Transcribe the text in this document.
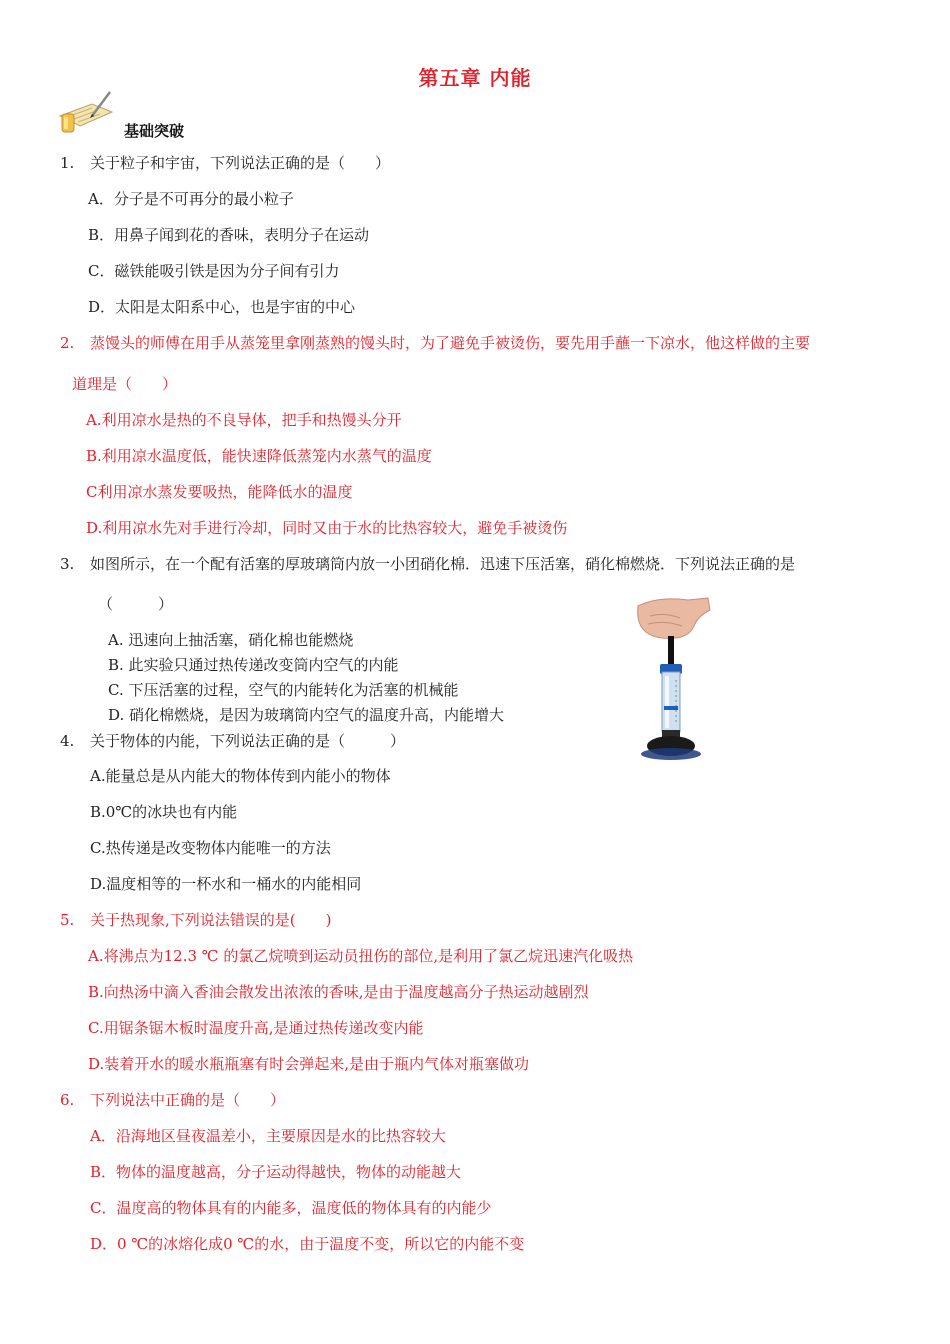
第五章 内能
基础突破
1. 关于粒子和宇宙，下列说法正确的是（　　）
A．分子是不可再分的最小粒子
B．用鼻子闻到花的香味，表明分子在运动
C．磁铁能吸引铁是因为分子间有引力
D．太阳是太阳系中心，也是宇宙的中心
2. 蒸馒头的师傅在用手从蒸笼里拿刚蒸熟的馒头时，为了避免手被烫伤，要先用手蘸一下凉水，他这样做的主要
道理是（　　）
A.利用凉水是热的不良导体，把手和热馒头分开
B.利用凉水温度低，能快速降低蒸笼内水蒸气的温度
C利用凉水蒸发要吸热，能降低水的温度
D.利用凉水先对手进行冷却，同时又由于水的比热容较大，避免手被烫伤
3. 如图所示，在一个配有活塞的厚玻璃筒内放一小团硝化棉．迅速下压活塞，硝化棉燃烧．下列说法正确的是
（　　　）
A. 迅速向上抽活塞，硝化棉也能燃烧
B. 此实验只通过热传递改变筒内空气的内能
C. 下压活塞的过程，空气的内能转化为活塞的机械能
D. 硝化棉燃烧，是因为玻璃筒内空气的温度升高，内能增大
4. 关于物体的内能，下列说法正确的是（　　　）
A.能量总是从内能大的物体传到内能小的物体
B.0℃的冰块也有内能
C.热传递是改变物体内能唯一的方法
D.温度相等的一杯水和一桶水的内能相同
5. 关于热现象,下列说法错误的是(　　)
A.将沸点为12.3 ℃ 的氯乙烷喷到运动员扭伤的部位,是利用了氯乙烷迅速汽化吸热
B.向热汤中滴入香油会散发出浓浓的香味,是由于温度越高分子热运动越剧烈
C.用锯条锯木板时温度升高,是通过热传递改变内能
D.装着开水的暖水瓶瓶塞有时会弹起来,是由于瓶内气体对瓶塞做功
6. 下列说法中正确的是（　　）
A．沿海地区昼夜温差小，主要原因是水的比热容较大
B．物体的温度越高，分子运动得越快，物体的动能越大
C．温度高的物体具有的内能多，温度低的物体具有的内能少
D．0 ℃的冰熔化成0 ℃的水，由于温度不变，所以它的内能不变
